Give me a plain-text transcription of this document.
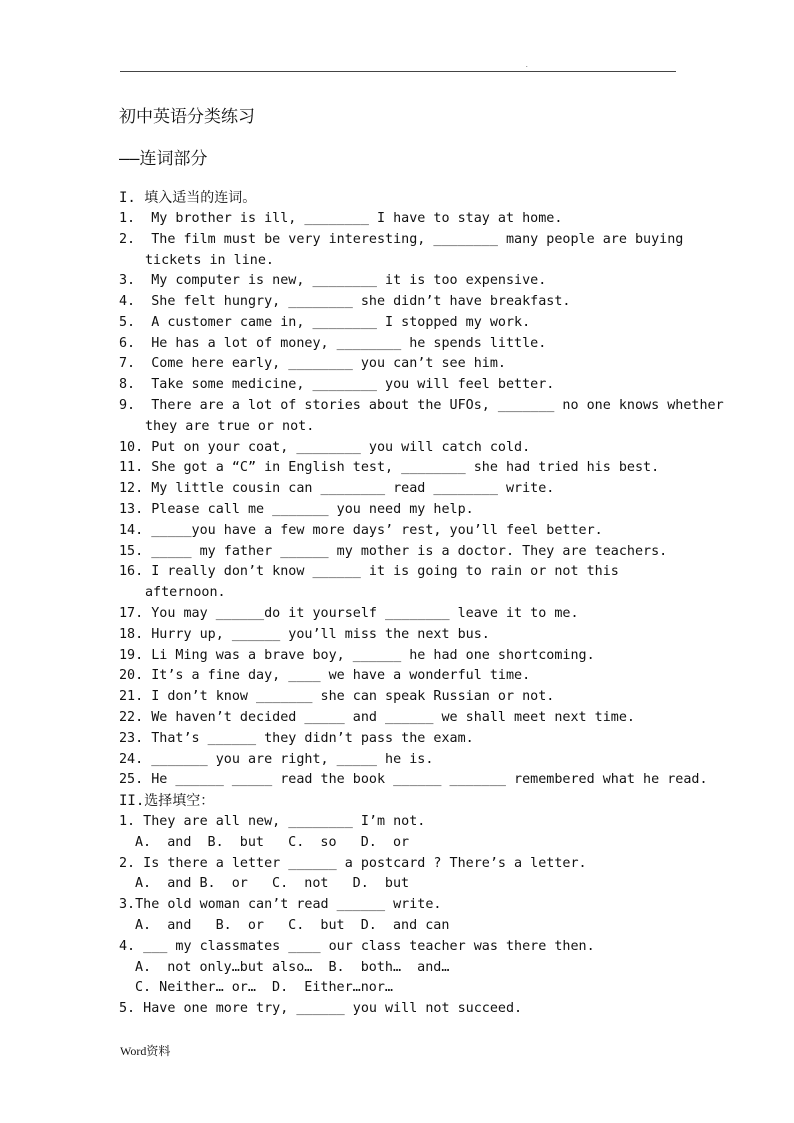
.
初中英语分类练习
——连词部分
I. 填入适当的连词。
1.  My brother is ill, ________ I have to stay at home.
2.  The film must be very interesting, ________ many people are buying
tickets in line.
3.  My computer is new, ________ it is too expensive.
4.  She felt hungry, ________ she didn’t have breakfast.
5.  A customer came in, ________ I stopped my work.
6.  He has a lot of money, ________ he spends little.
7.  Come here early, ________ you can’t see him.
8.  Take some medicine, ________ you will feel better.
9.  There are a lot of stories about the UFOs, _______ no one knows whether
they are true or not.
10. Put on your coat, ________ you will catch cold.
11. She got a “C” in English test, ________ she had tried his best.
12. My little cousin can ________ read ________ write.
13. Please call me _______ you need my help.
14. _____you have a few more days’ rest, you’ll feel better.
15. _____ my father ______ my mother is a doctor. They are teachers.
16. I really don’t know ______ it is going to rain or not this
afternoon.
17. You may ______do it yourself ________ leave it to me.
18. Hurry up, ______ you’ll miss the next bus.
19. Li Ming was a brave boy, ______ he had one shortcoming.
20. It’s a fine day, ____ we have a wonderful time.
21. I don’t know _______ she can speak Russian or not.
22. We haven’t decided _____ and ______ we shall meet next time.
23. That’s ______ they didn’t pass the exam.
24. _______ you are right, _____ he is.
25. He ______ _____ read the book ______ _______ remembered what he read.
II.选择填空：
1. They are all new, ________ I’m not.
A.  and  B.  but   C.  so   D.  or
2. Is there a letter ______ a postcard ? There’s a letter.
A.  and B.  or   C.  not   D.  but
3.The old woman can’t read ______ write.
A.  and   B.  or   C.  but  D.  and can
4. ___ my classmates ____ our class teacher was there then.
A.  not only…but also…  B.  both…  and…
C. Neither… or…  D.  Either…nor…
5. Have one more try, ______ you will not succeed.
Word资料
